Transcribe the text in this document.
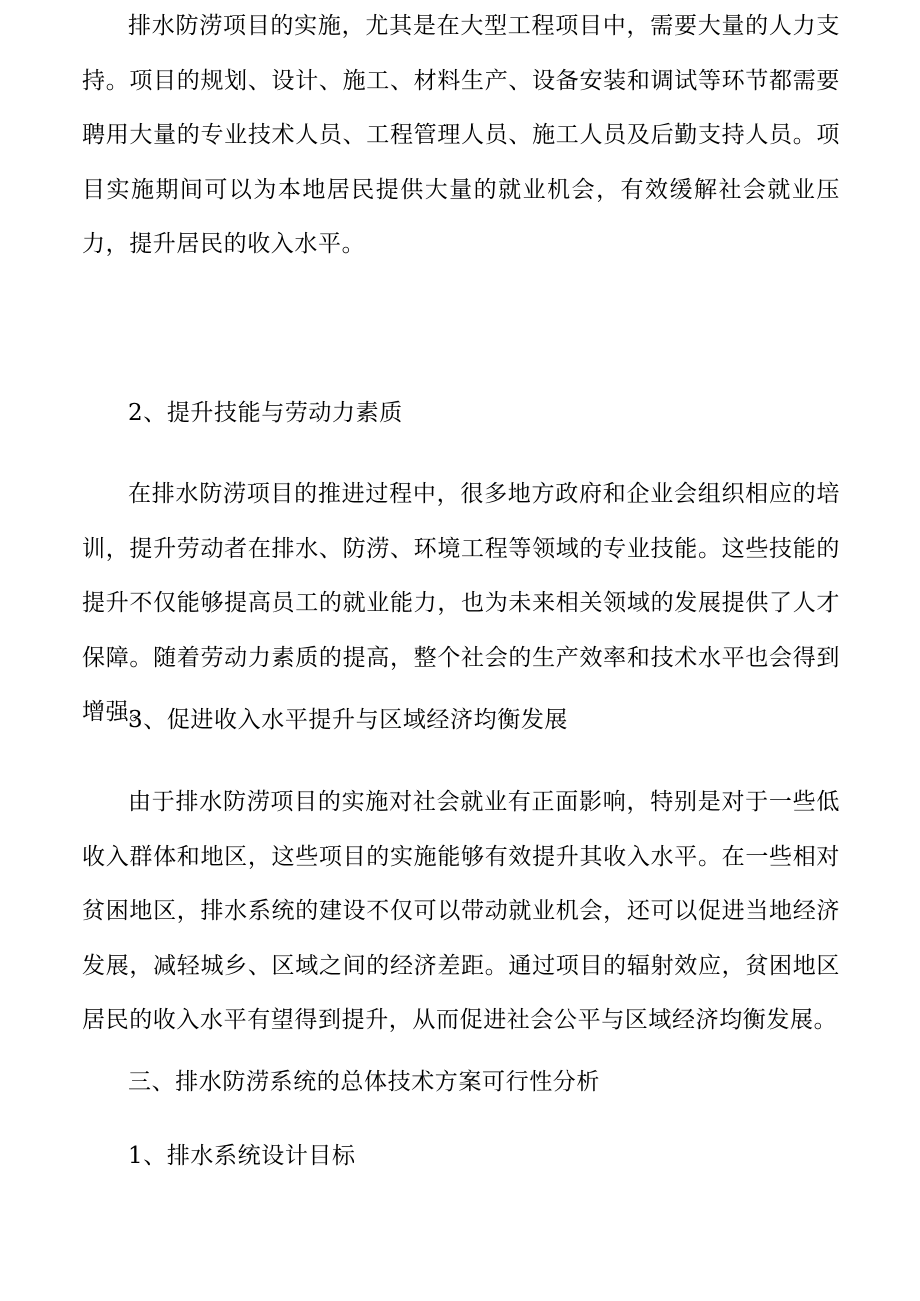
排水防涝项目的实施，尤其是在大型工程项目中，需要大量的人力支持。项目的规划、设计、施工、材料生产、设备安装和调试等环节都需要聘用大量的专业技术人员、工程管理人员、施工人员及后勤支持人员。项目实施期间可以为本地居民提供大量的就业机会，有效缓解社会就业压力，提升居民的收入水平。

2、提升技能与劳动力素质

在排水防涝项目的推进过程中，很多地方政府和企业会组织相应的培训，提升劳动者在排水、防涝、环境工程等领域的专业技能。这些技能的提升不仅能够提高员工的就业能力，也为未来相关领域的发展提供了人才保障。随着劳动力素质的提高，整个社会的生产效率和技术水平也会得到增强。

3、促进收入水平提升与区域经济均衡发展

由于排水防涝项目的实施对社会就业有正面影响，特别是对于一些低收入群体和地区，这些项目的实施能够有效提升其收入水平。在一些相对贫困地区，排水系统的建设不仅可以带动就业机会，还可以促进当地经济发展，减轻城乡、区域之间的经济差距。通过项目的辐射效应，贫困地区居民的收入水平有望得到提升，从而促进社会公平与区域经济均衡发展。

三、排水防涝系统的总体技术方案可行性分析

1、排水系统设计目标
